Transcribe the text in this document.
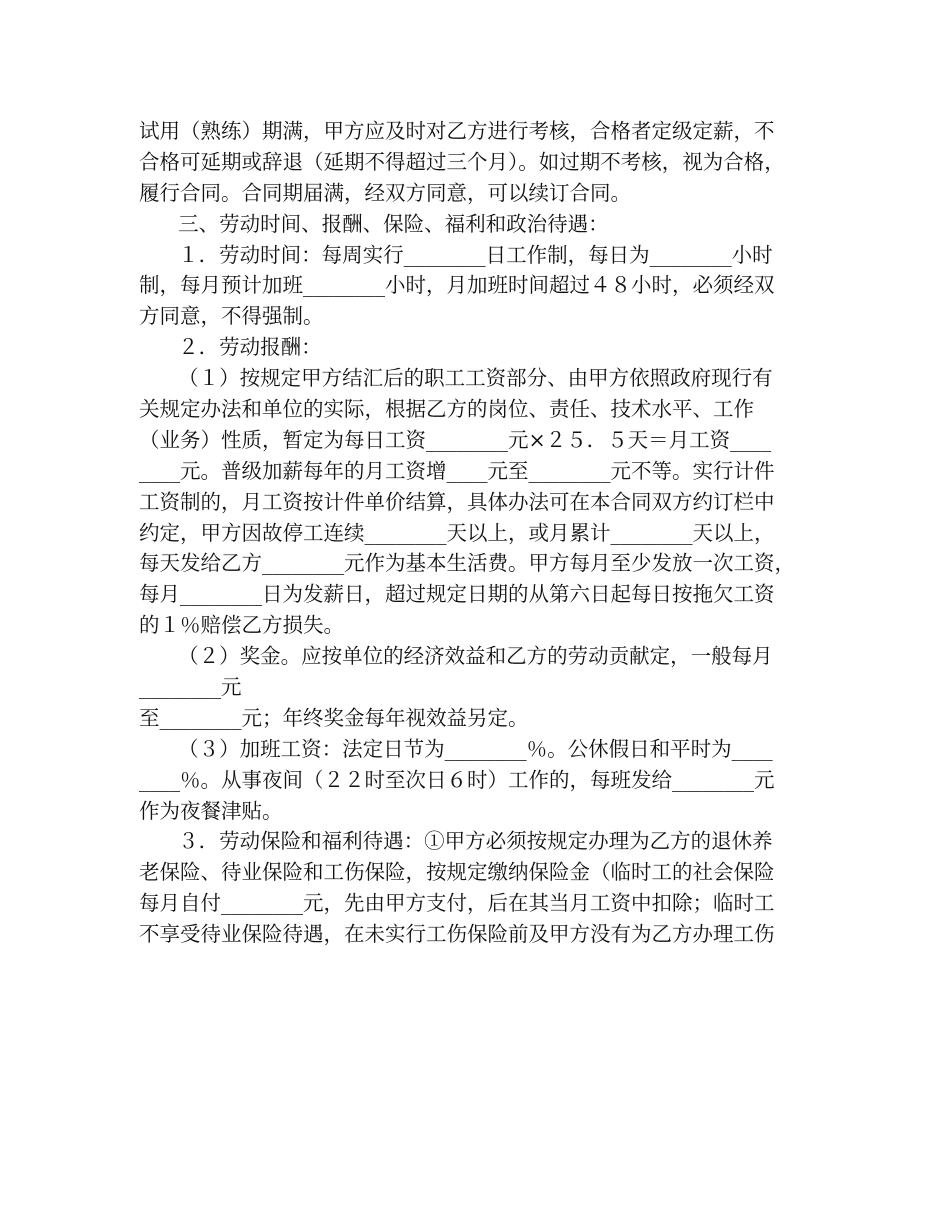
试用（熟练）期满，甲方应及时对乙方进行考核，合格者定级定薪，不
合格可延期或辞退（延期不得超过三个月）。如过期不考核，视为合格，
履行合同。合同期届满，经双方同意，可以续订合同。
三、劳动时间、报酬、保险、福利和政治待遇：
１．劳动时间：每周实行________日工作制，每日为________小时
制，每月预计加班________小时，月加班时间超过４８小时，必须经双
方同意，不得强制。
２．劳动报酬：
（１）按规定甲方结汇后的职工工资部分、由甲方依照政府现行有
关规定办法和单位的实际，根据乙方的岗位、责任、技术水平、工作
（业务）性质，暂定为每日工资________元×２５．５天＝月工资____
____元。普级加薪每年的月工资增____元至________元不等。实行计件
工资制的，月工资按计件单价结算，具体办法可在本合同双方约订栏中
约定，甲方因故停工连续________天以上，或月累计________天以上，
每天发给乙方________元作为基本生活费。甲方每月至少发放一次工资，
每月________日为发薪日，超过规定日期的从第六日起每日按拖欠工资
的１％赔偿乙方损失。
（２）奖金。应按单位的经济效益和乙方的劳动贡献定，一般每月
________元
至________元；年终奖金每年视效益另定。
（３）加班工资：法定日节为________％。公休假日和平时为____
____％。从事夜间（２２时至次日６时）工作的，每班发给________元
作为夜餐津贴。
３．劳动保险和福利待遇：①甲方必须按规定办理为乙方的退休养
老保险、待业保险和工伤保险，按规定缴纳保险金（临时工的社会保险
每月自付________元，先由甲方支付，后在其当月工资中扣除；临时工
不享受待业保险待遇，在未实行工伤保险前及甲方没有为乙方办理工伤
